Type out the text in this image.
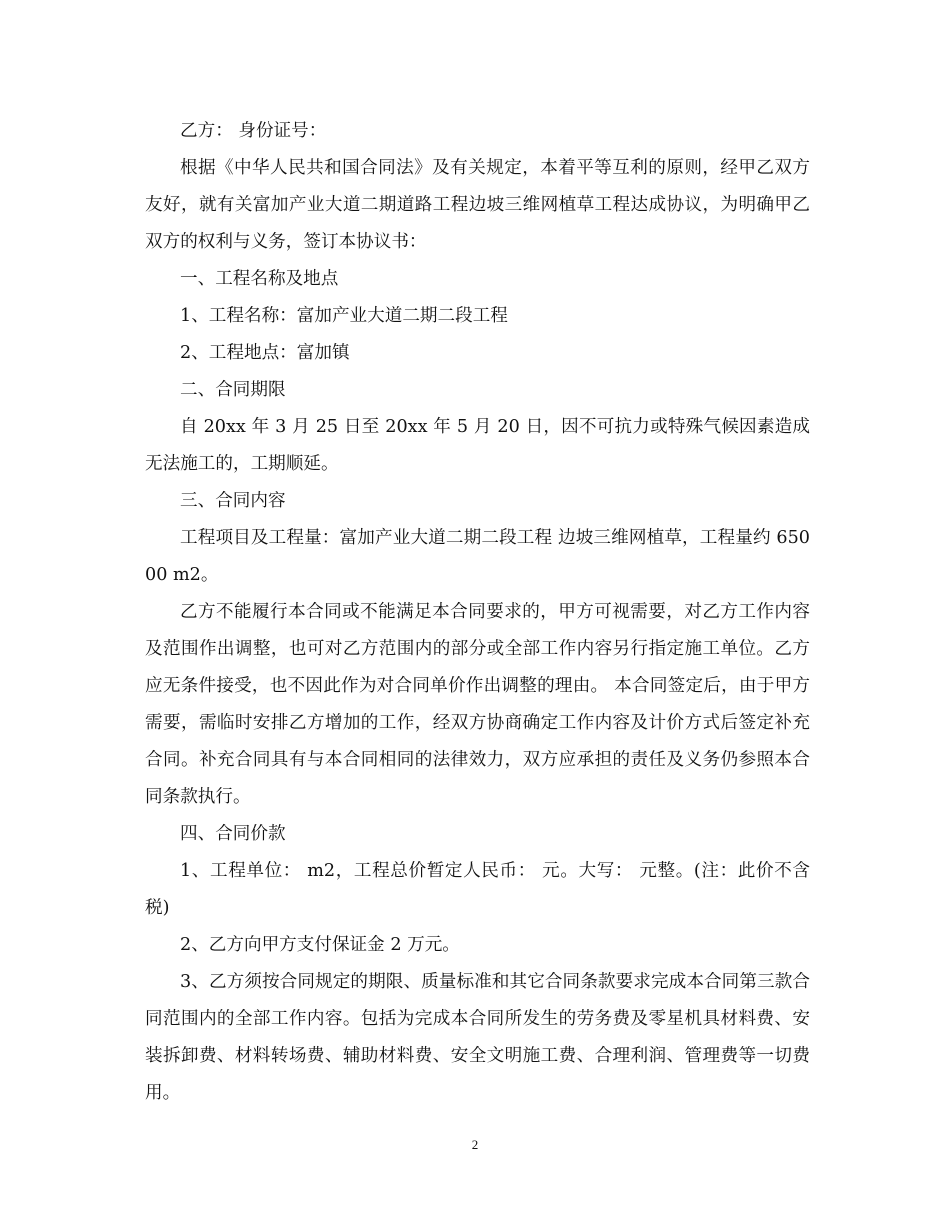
乙方： 身份证号：

根据《中华人民共和国合同法》及有关规定，本着平等互利的原则，经甲乙双方友好，就有关富加产业大道二期道路工程边坡三维网植草工程达成协议，为明确甲乙双方的权利与义务，签订本协议书：

一、工程名称及地点

1、工程名称：富加产业大道二期二段工程

2、工程地点：富加镇

二、合同期限

自 20xx 年 3 月 25 日至 20xx 年 5 月 20 日，因不可抗力或特殊气候因素造成无法施工的，工期顺延。

三、合同内容

工程项目及工程量：富加产业大道二期二段工程 边坡三维网植草，工程量约 65000 m2。

乙方不能履行本合同或不能满足本合同要求的，甲方可视需要，对乙方工作内容及范围作出调整，也可对乙方范围内的部分或全部工作内容另行指定施工单位。乙方应无条件接受，也不因此作为对合同单价作出调整的理由。 本合同签定后，由于甲方需要，需临时安排乙方增加的工作，经双方协商确定工作内容及计价方式后签定补充合同。补充合同具有与本合同相同的法律效力，双方应承担的责任及义务仍参照本合同条款执行。

四、合同价款

1、工程单位： m2，工程总价暂定人民币： 元。大写： 元整。(注：此价不含税)

2、乙方向甲方支付保证金 2 万元。

3、乙方须按合同规定的期限、质量标准和其它合同条款要求完成本合同第三款合同范围内的全部工作内容。包括为完成本合同所发生的劳务费及零星机具材料费、安装拆卸费、材料转场费、辅助材料费、安全文明施工费、合理利润、管理费等一切费用。

2
